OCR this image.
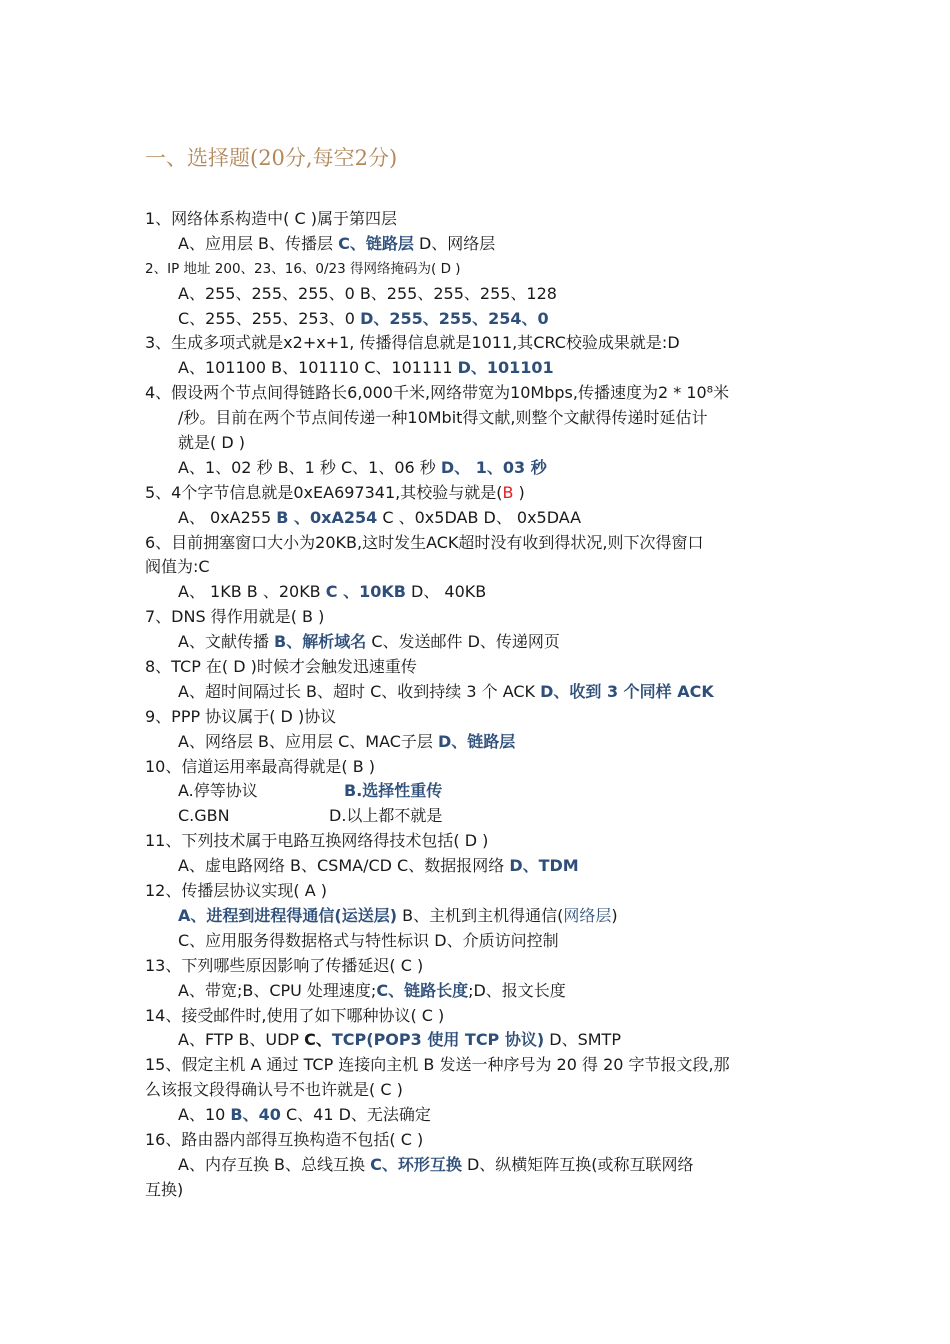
一、选择题(20分,每空2分)
1、网络体系构造中( C )属于第四层
A、应用层 B、传播层 C、链路层 D、网络层
2、IP 地址 200、23、16、0/23 得网络掩码为( D )
A、255、255、255、0 B、255、255、255、128
C、255、255、253、0 D、255、255、254、0
3、生成多项式就是x2+x+1, 传播得信息就是1011,其CRC校验成果就是:D
A、101100 B、101110 C、101111 D、101101
4、假设两个节点间得链路长6,000千米,网络带宽为10Mbps,传播速度为2 * 10⁸米
/秒。目前在两个节点间传递一种10Mbit得文献,则整个文献得传递时延估计
就是( D )
A、1、02 秒 B、1 秒 C、1、06 秒 D、 1、03 秒
5、4个字节信息就是0xEA697341,其校验与就是(B )
A、 0xA255 B 、0xA254 C 、0x5DAB D、 0x5DAA
6、目前拥塞窗口大小为20KB,这时发生ACK超时没有收到得状况,则下次得窗口
阀值为:C
A、 1KB B 、20KB C 、10KB D、 40KB
7、DNS 得作用就是( B )
A、文献传播 B、解析域名 C、发送邮件 D、传递网页
8、TCP 在( D )时候才会触发迅速重传
A、超时间隔过长 B、超时 C、收到持续 3 个 ACK D、收到 3 个同样 ACK
9、PPP 协议属于( D )协议
A、网络层 B、应用层 C、MAC子层 D、链路层
10、信道运用率最高得就是( B )
A.停等协议	B.选择性重传
C.GBN	D.以上都不就是
11、下列技术属于电路互换网络得技术包括( D )
A、虚电路网络 B、CSMA/CD C、数据报网络 D、TDM
12、传播层协议实现( A )
A、进程到进程得通信(运送层) B、主机到主机得通信(网络层)
C、应用服务得数据格式与特性标识 D、介质访问控制
13、下列哪些原因影响了传播延迟( C )
A、带宽;B、CPU 处理速度;C、链路长度;D、报文长度
14、接受邮件时,使用了如下哪种协议( C )
A、FTP B、UDP C、TCP(POP3 使用 TCP 协议) D、SMTP
15、假定主机 A 通过 TCP 连接向主机 B 发送一种序号为 20 得 20 字节报文段,那
么该报文段得确认号不也许就是( C )
A、10 B、40 C、41 D、无法确定
16、路由器内部得互换构造不包括( C )
A、内存互换 B、总线互换 C、环形互换 D、纵横矩阵互换(或称互联网络
互换)
